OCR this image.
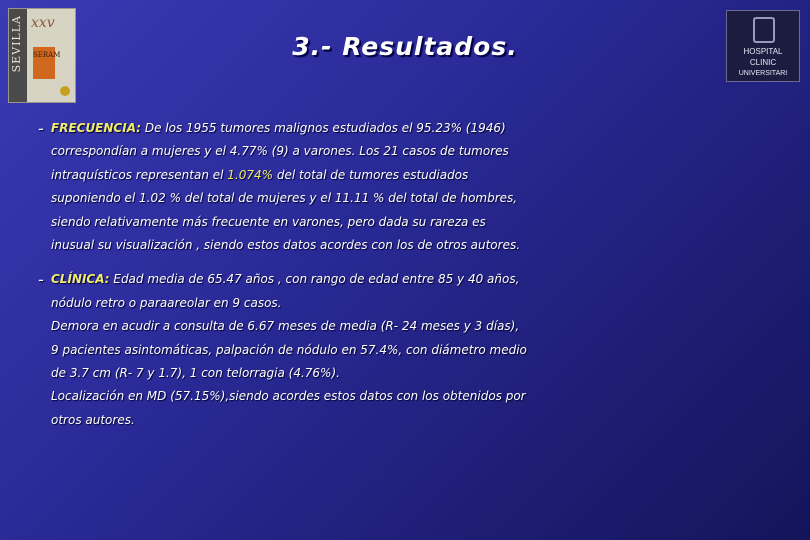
SEVILLA xxv
SERAM	HOSPITAL
CLINIC
UNIVERSITARI
3.- Resultados.
- FRECUENCIA: De los 1955 tumores malignos estudiados el 95.23% (1946)
correspondían a mujeres y el 4.77% (9) a varones. Los 21 casos de tumores
intraquísticos representan el 1.074% del total de tumores estudiados
suponiendo el 1.02 % del total de mujeres y el 11.11 % del total de hombres,
siendo relativamente más frecuente en varones, pero dada su rareza es
inusual su visualización , siendo estos datos acordes con los de otros autores.
- CLÍNICA: Edad media de 65.47 años , con rango de edad entre 85 y 40 años,
nódulo retro o paraareolar en 9 casos.
Demora en acudir a consulta de 6.67 meses de media (R- 24 meses y 3 días),
9 pacientes asintomáticas, palpación de nódulo en 57.4%, con diámetro medio
de 3.7 cm (R- 7 y 1.7), 1 con telorragia (4.76%).
Localización en MD (57.15%),siendo acordes estos datos con los obtenidos por
otros autores.
